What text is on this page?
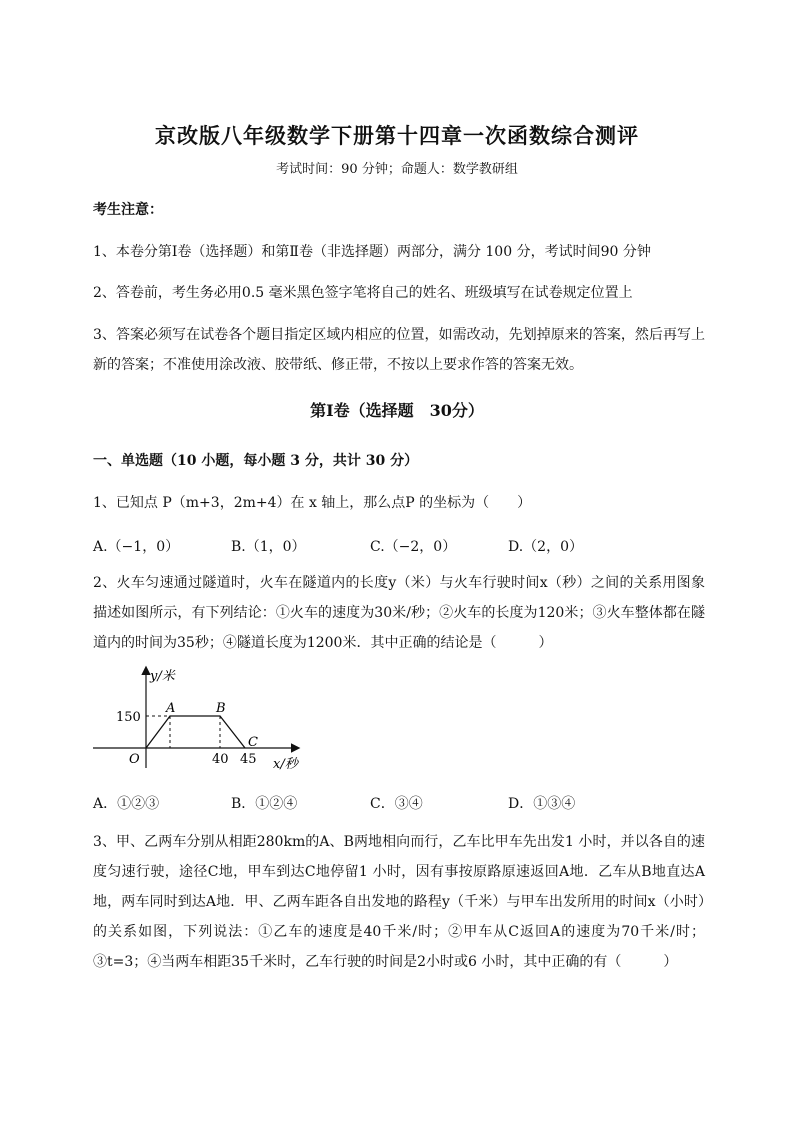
京改版八年级数学下册第十四章一次函数综合测评
考试时间：90 分钟；命题人：数学教研组
考生注意：
1、本卷分第Ⅰ卷（选择题）和第Ⅱ卷（非选择题）两部分，满分 100 分，考试时间90 分钟
2、答卷前，考生务必用0.5 毫米黑色签字笔将自己的姓名、班级填写在试卷规定位置上
3、答案必须写在试卷各个题目指定区域内相应的位置，如需改动，先划掉原来的答案，然后再写上新的答案；不准使用涂改液、胶带纸、修正带，不按以上要求作答的答案无效。
第Ⅰ卷（选择题　30分）
一、单选题（10 小题，每小题 3 分，共计 30 分）
1、已知点 P（m+3，2m+4）在 x 轴上，那么点P 的坐标为（　　）
A.（−1，0）	B.（1，0）	C.（−2，0）	D.（2，0）
2、火车匀速通过隧道时，火车在隧道内的长度y（米）与火车行驶时间x（秒）之间的关系用图象描述如图所示，有下列结论：①火车的速度为30米/秒；②火车的长度为120米；③火车整体都在隧道内的时间为35秒；④隧道长度为1200米．其中正确的结论是（　　　）
y/米
x/秒
O
150
40 45
A	B
C
A．①②③	B．①②④	C．③④	D．①③④
3、甲、乙两车分别从相距280km的A、B两地相向而行，乙车比甲车先出发1 小时，并以各自的速度匀速行驶，途径C地，甲车到达C地停留1 小时，因有事按原路原速返回A地．乙车从B地直达A地，两车同时到达A地．甲、乙两车距各自出发地的路程y（千米）与甲车出发所用的时间x（小时）的关系如图，下列说法：①乙车的速度是40千米/时；②甲车从C返回A的速度为70千米/时；③t=3；④当两车相距35千米时，乙车行驶的时间是2小时或6 小时，其中正确的有（　　　）
